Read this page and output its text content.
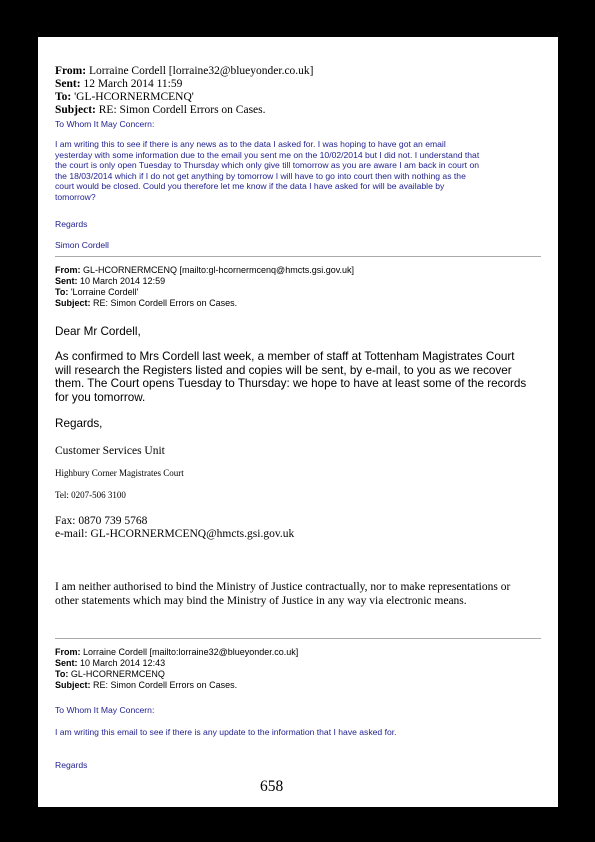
From: Lorraine Cordell [lorraine32@blueyonder.co.uk]
Sent: 12 March 2014 11:59
To: 'GL-HCORNERMCENQ'
Subject: RE: Simon Cordell Errors on Cases.
To Whom It May Concern:
I am writing this to see if there is any news as to the data I asked for. I was hoping to have got an email
yesterday with some information due to the email you sent me on the 10/02/2014 but I did not. I understand that
the court is only open Tuesday to Thursday which only give till tomorrow as you are aware I am back in court on
the 18/03/2014 which if I do not get anything by tomorrow I will have to go into court then with nothing as the
court would be closed. Could you therefore let me know if the data I have asked for will be available by
tomorrow?
Regards
Simon Cordell
From: GL-HCORNERMCENQ [mailto:gl-hcornermcenq@hmcts.gsi.gov.uk]
Sent: 10 March 2014 12:59
To: 'Lorraine Cordell'
Subject: RE: Simon Cordell Errors on Cases.
Dear Mr Cordell,
As confirmed to Mrs Cordell last week, a member of staff at Tottenham Magistrates Court
will research the Registers listed and copies will be sent, by e-mail, to you as we recover
them. The Court opens Tuesday to Thursday: we hope to have at least some of the records
for you tomorrow.
Regards,
Customer Services Unit
Highbury Corner Magistrates Court
Tel: 0207-506 3100
Fax: 0870 739 5768
e-mail: GL-HCORNERMCENQ@hmcts.gsi.gov.uk
I am neither authorised to bind the Ministry of Justice contractually, nor to make representations or
other statements which may bind the Ministry of Justice in any way via electronic means.
From: Lorraine Cordell [mailto:lorraine32@blueyonder.co.uk]
Sent: 10 March 2014 12:43
To: GL-HCORNERMCENQ
Subject: RE: Simon Cordell Errors on Cases.
To Whom It May Concern:
I am writing this email to see if there is any update to the information that I have asked for.
Regards
658
